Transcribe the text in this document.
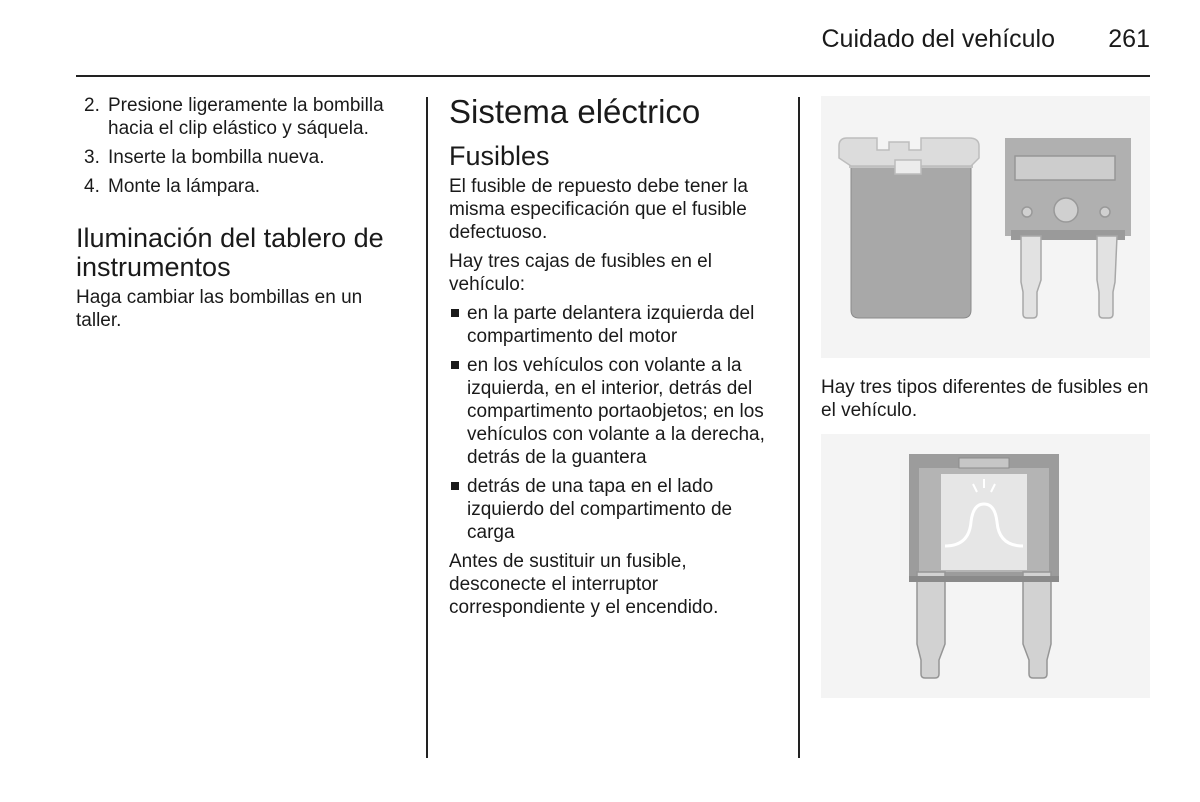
Cuidado del vehículo 261
2. Presione ligeramente la bombilla hacia el clip elástico y sáquela.
3. Inserte la bombilla nueva.
4. Monte la lámpara.
Iluminación del tablero de instrumentos

Haga cambiar las bombillas en un taller.

Sistema eléctrico
Fusibles

El fusible de repuesto debe tener la misma especificación que el fusible defectuoso.

Hay tres cajas de fusibles en el vehículo:

en la parte delantera izquierda del compartimento del motor
en los vehículos con volante a la izquierda, en el interior, detrás del compartimento portaobjetos; en los vehículos con volante a la derecha, detrás de la guantera
detrás de una tapa en el lado izquierdo del compartimento de carga

Antes de sustituir un fusible, desconecte el interruptor correspondiente y el encendido.

Hay tres tipos diferentes de fusibles en el vehículo.
